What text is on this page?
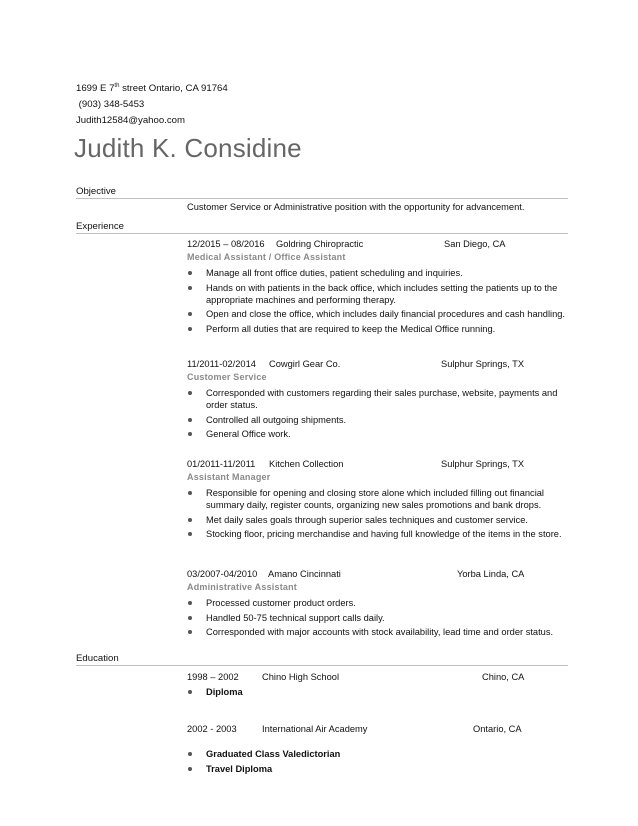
1699 E 7th street Ontario, CA 91764
(903) 348-5453
Judith12584@yahoo.com
Judith K. Considine
Objective
Customer Service or Administrative position with the opportunity for advancement.
Experience
12/2015 – 08/2016 Goldring Chiropractic	San Diego, CA
Medical Assistant / Office Assistant
Manage all front office duties, patient scheduling and inquiries.
Hands on with patients in the back office, which includes setting the patients up to the appropriate machines and performing therapy.
Open and close the office, which includes daily financial procedures and cash handling.
Perform all duties that are required to keep the Medical Office running.
11/2011-02/2014 Cowgirl Gear Co.	Sulphur Springs, TX
Customer Service
Corresponded with customers regarding their sales purchase, website, payments and order status.
Controlled all outgoing shipments.
General Office work.
01/2011-11/2011 Kitchen Collection	Sulphur Springs, TX
Assistant Manager
Responsible for opening and closing store alone which included filling out financial summary daily, register counts, organizing new sales promotions and bank drops.
Met daily sales goals through superior sales techniques and customer service.
Stocking floor, pricing merchandise and having full knowledge of the items in the store.
03/2007-04/2010 Amano Cincinnati	Yorba Linda, CA
Administrative Assistant
Processed customer product orders.
Handled 50-75 technical support calls daily.
Corresponded with major accounts with stock availability, lead time and order status.
Education
1998 – 2002	Chino High School	Chino, CA
Diploma
2002 - 2003	International Air Academy	Ontario, CA
Graduated Class Valedictorian
Travel Diploma
